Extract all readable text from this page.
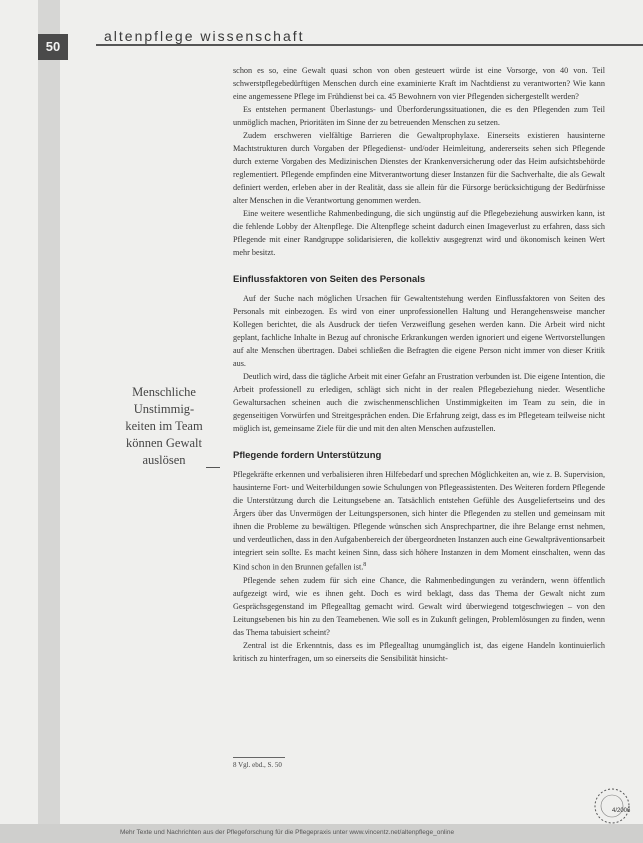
50
altenpflege wissenschaft

schon es so, eine Gewalt quasi schon von oben gesteuert würde ist eine Vorsorge, von 40 von. Teil schwerstpflegebedürftigen Menschen durch eine examinierte Kraft im Nachtdienst zu verantworten? Wie kann eine angemessene Pflege im Frühdienst bei ca. 45 Bewohnern von vier Pflegenden sichergestellt werden?

Es entstehen permanent Überlastungs- und Überforderungssituationen, die es den Pflegenden zum Teil unmöglich machen, Prioritäten im Sinne der zu betreuenden Menschen zu setzen.

Zudem erschweren vielfältige Barrieren die Gewaltprophylaxe. Einerseits existieren hausinterne Machtstrukturen durch Vorgaben der Pflegedienst- und/oder Heimleitung, andererseits sehen sich Pflegende durch externe Vorgaben des Medizinischen Dienstes der Krankenversicherung oder das Heim aufsichtsbehörde reglementiert. Pflegende empfinden eine Mitverantwortung dieser Instanzen für die Sachverhalte, die als Gewalt definiert werden, erleben aber in der Realität, dass sie allein für die Fürsorge berücksichtigung der Bedürfnisse alter Menschen in die Verantwortung genommen werden.

Eine weitere wesentliche Rahmenbedingung, die sich ungünstig auf die Pflegebeziehung auswirken kann, ist die fehlende Lobby der Altenpflege. Die Altenpflege scheint dadurch einen Imageverlust zu erfahren, dass sich Pflegende mit einer Randgruppe solidarisieren, die kollektiv ausgegrenzt wird und ökonomisch keinen Wert mehr besitzt.

Einflussfaktoren von Seiten des Personals

Auf der Suche nach möglichen Ursachen für Gewaltentstehung werden Einflussfaktoren von Seiten des Personals mit einbezogen. Es wird von einer unprofessionellen Haltung und Herangehensweise mancher Kollegen berichtet, die als Ausdruck der tiefen Verzweiflung gesehen werden kann. Die Arbeit wird nicht geplant, fachliche Inhalte in Bezug auf chronische Erkrankungen werden ignoriert und eigene Wertvorstellungen auf alte Menschen übertragen. Dabei schließen die Befragten die eigene Person nicht immer von dieser Kritik aus.

Deutlich wird, dass die tägliche Arbeit mit einer Gefahr an Frustration verbunden ist. Die eigene Intention, die Arbeit professionell zu erledigen, schlägt sich nicht in der realen Pflegebeziehung nieder. Wesentliche Gewaltursachen scheinen auch die zwischenmenschlichen Unstimmigkeiten im Team zu sein, die in gegenseitigen Vorwürfen und Streitgesprächen enden. Die Erfahrung zeigt, dass es im Pflegeteam teilweise nicht möglich ist, gemeinsame Ziele für die und mit den alten Menschen aufzustellen.

Pflegende fordern Unterstützung

Pflegekräfte erkennen und verbalisieren ihren Hilfebedarf und sprechen Möglichkeiten an, wie z. B. Supervision, hausinterne Fort- und Weiterbildungen sowie Schulungen von Pflegeassistenten. Des Weiteren fordern Pflegende die Unterstützung durch die Leitungsebene an. Tatsächlich entstehen Gefühle des Ausgeliefertseins und des Ärgers über das Unvermögen der Leitungspersonen, sich hinter die Pflegenden zu stellen und gemeinsam mit ihnen die Probleme zu bewältigen. Pflegende wünschen sich Ansprechpartner, die ihre Belange ernst nehmen, und verdeutlichen, dass in den Aufgabenbereich der übergeordneten Instanzen auch eine Gewaltpräventionsarbeit integriert sein sollte. Es macht keinen Sinn, dass sich höhere Instanzen in dem Moment einschalten, wenn das Kind schon in den Brunnen gefallen ist.$^8$

Pflegende sehen zudem für sich eine Chance, die Rahmenbedingungen zu verändern, wenn öffentlich aufgezeigt wird, wie es ihnen geht. Doch es wird beklagt, dass das Thema der Gewalt nicht zum Gesprächsgegenstand im Pflegealltag gemacht wird. Gewalt wird überwiegend totgeschwiegen – von den Leitungsebenen bis hin zu den Teamebenen. Wie soll es in Zukunft gelingen, Problemlösungen zu finden, wenn das Thema tabuisiert scheint?

Zentral ist die Erkenntnis, dass es im Pflegealltag unumgänglich ist, das eigene Handeln kontinuierlich kritisch zu hinterfragen, um so einerseits die Sensibilität hinsicht-

Menschliche
Unstimmig-
keiten im Team
können Gewalt
auslösen
8 Vgl. ebd., S. 50
Mehr Texte und Nachrichten aus der Pflegeforschung für die Pflegepraxis unter www.vincentz.net/altenpflege_online
4/2006
